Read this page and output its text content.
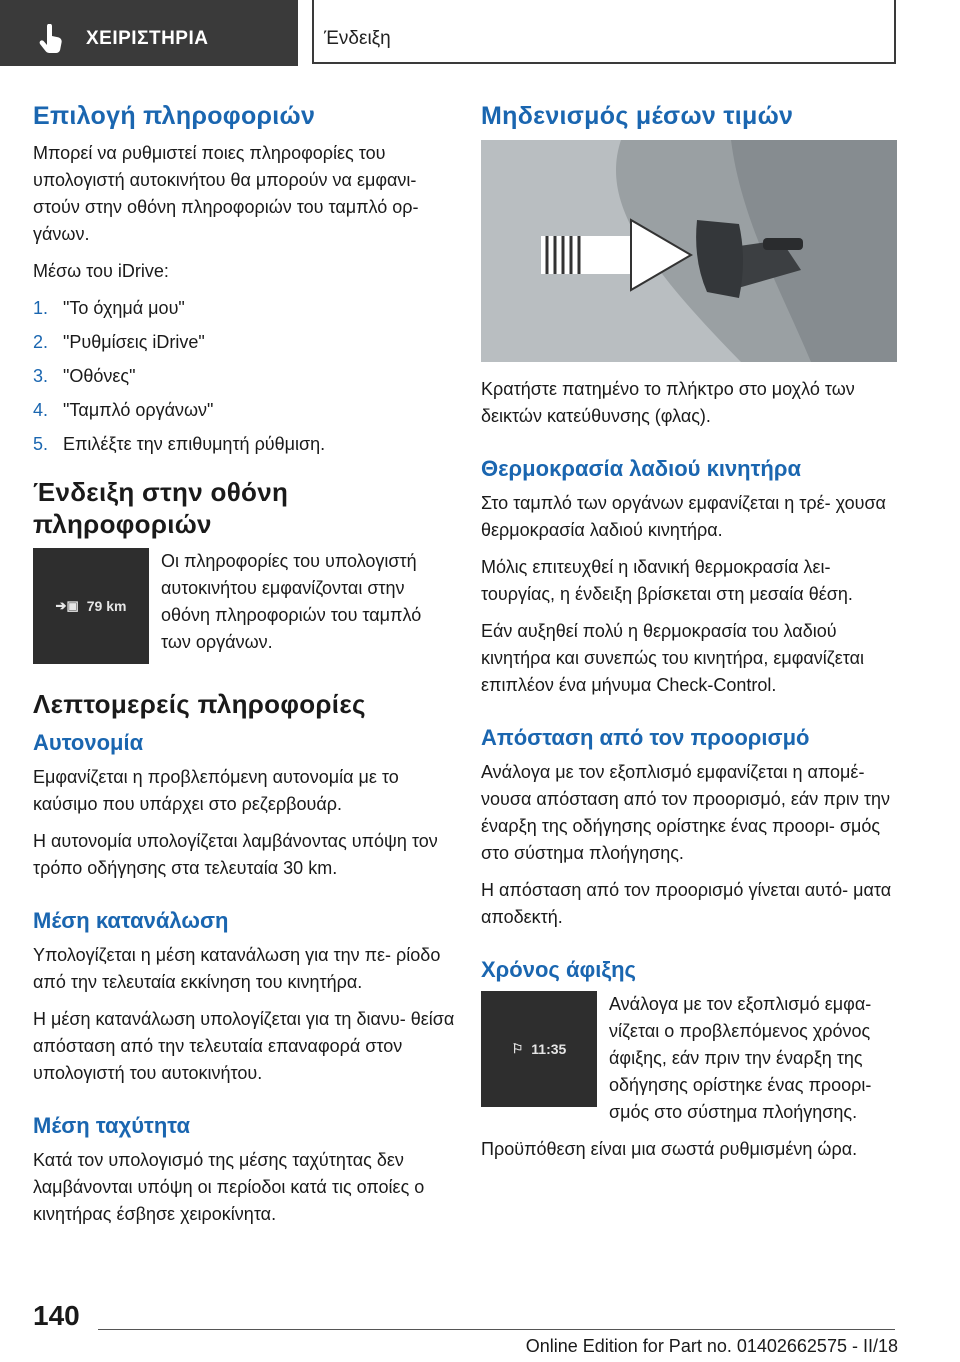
ΧΕΙΡΙΣΤΗΡΙΑ	Ένδειξη
Επιλογή πληροφοριών

Μπορεί να ρυθμιστεί ποιες πληροφορίες του υπολογιστή αυτοκινήτου θα μπορούν να εμφανι- στούν στην οθόνη πληροφοριών του ταμπλό ορ- γάνων.

Μέσω του iDrive:

1. "Το όχημά μου"
2. "Ρυθμίσεις iDrive"
3. "Οθόνες"
4. "Ταμπλό οργάνων"
5. Επιλέξτε την επιθυμητή ρύθμιση.
Ένδειξη στην οθόνη πληροφοριών
➔▣ 79 km

Οι πληροφορίες του υπολογιστή αυτοκινήτου εμφανίζονται στην οθόνη πληροφοριών του ταμπλό των οργάνων.

Λεπτομερείς πληροφορίες
Αυτονομία

Εμφανίζεται η προβλεπόμενη αυτονομία με το καύσιμο που υπάρχει στο ρεζερβουάρ.

Η αυτονομία υπολογίζεται λαμβάνοντας υπόψη τον τρόπο οδήγησης στα τελευταία 30 km.

Μέση κατανάλωση

Υπολογίζεται η μέση κατανάλωση για την πε- ρίοδο από την τελευταία εκκίνηση του κινητήρα.

Η μέση κατανάλωση υπολογίζεται για τη διανυ- θείσα απόσταση από την τελευταία επαναφορά στον υπολογιστή του αυτοκινήτου.

Μέση ταχύτητα

Κατά τον υπολογισμό της μέσης ταχύτητας δεν λαμβάνονται υπόψη οι περίοδοι κατά τις οποίες ο κινητήρας έσβησε χειροκίνητα.

Μηδενισμός μέσων τιμών

Κρατήστε πατημένο το πλήκτρο στο μοχλό των δεικτών κατεύθυνσης (φλας).

Θερμοκρασία λαδιού κινητήρα

Στο ταμπλό των οργάνων εμφανίζεται η τρέ- χουσα θερμοκρασία λαδιού κινητήρα.

Μόλις επιτευχθεί η ιδανική θερμοκρασία λει- τουργίας, η ένδειξη βρίσκεται στη μεσαία θέση.

Εάν αυξηθεί πολύ η θερμοκρασία του λαδιού κινητήρα και συνεπώς του κινητήρα, εμφανίζεται επιπλέον ένα μήνυμα Check-Control.

Απόσταση από τον προορισμό

Ανάλογα με τον εξοπλισμό εμφανίζεται η απομέ- νουσα απόσταση από τον προορισμό, εάν πριν την έναρξη της οδήγησης ορίστηκε ένας προορι- σμός στο σύστημα πλοήγησης.

Η απόσταση από τον προορισμό γίνεται αυτό- ματα αποδεκτή.

Χρόνος άφιξης
⚐ 11:35

Ανάλογα με τον εξοπλισμό εμφα- νίζεται ο προβλεπόμενος χρόνος άφιξης, εάν πριν την έναρξη της οδήγησης ορίστηκε ένας προορι- σμός στο σύστημα πλοήγησης.

Προϋπόθεση είναι μια σωστά ρυθμισμένη ώρα.

140
Online Edition for Part no. 01402662575 - II/18
